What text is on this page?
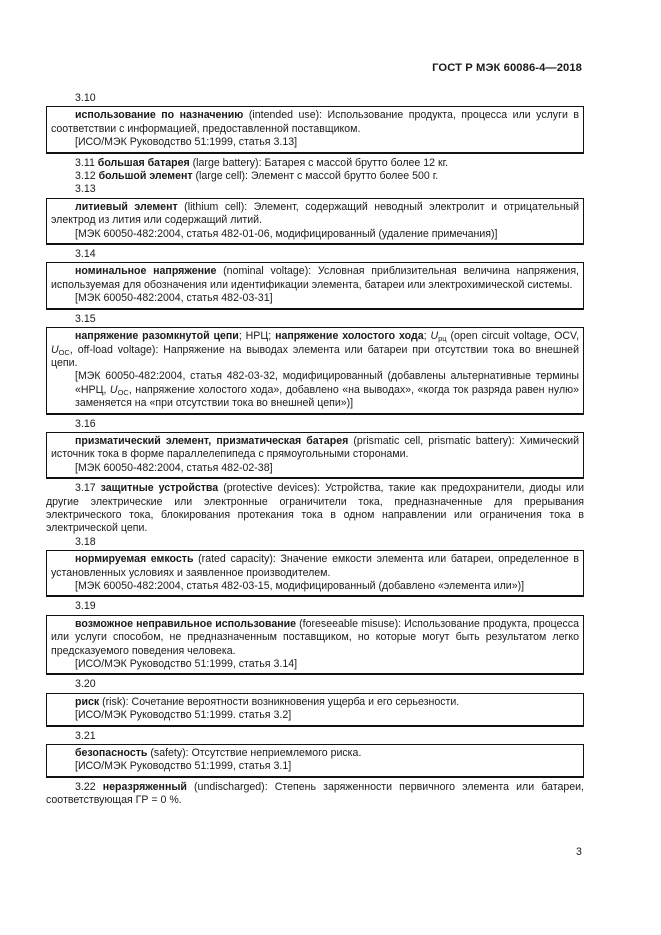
ГОСТ Р МЭК 60086-4—2018

3.10

использование по назначению (intended use): Использование продукта, процесса или услуги в соответствии с информацией, предоставленной поставщиком.

[ИСО/МЭК Руководство 51:1999, статья 3.13]

3.11 большая батарея (large battery): Батарея с массой брутто более 12 кг.

3.12 большой элемент (large cell): Элемент с массой брутто более 500 г.

3.13

литиевый элемент (lithium cell): Элемент, содержащий неводный электролит и отрицательный электрод из лития или содержащий литий.

[МЭК 60050-482:2004, статья 482-01-06, модифицированный (удаление примечания)]

3.14

номинальное напряжение (nominal voltage): Условная приблизительная величина напряжения, используемая для обозначения или идентификации элемента, батареи или электрохимической системы.

[МЭК 60050-482:2004, статья 482-03-31]

3.15

напряжение разомкнутой цепи; НРЦ; напряжение холостого хода; $U_{рц}$ (open circuit voltage, OCV, $U_{OC}$, off-load voltage): Напряжение на выводах элемента или батареи при отсутствии тока во внешней цепи.

[МЭК 60050-482:2004, статья 482-03-32, модифицированный (добавлены альтернативные термины «НРЦ, $U_{OC}$, напряжение холостого хода», добавлено «на выводах», «когда ток разряда равен нулю» заменяется на «при отсутствии тока во внешней цепи»)]

3.16

призматический элемент, призматическая батарея (prismatic cell, prismatic battery): Химический источник тока в форме параллелепипеда с прямоугольными сторонами.

[МЭК 60050-482:2004, статья 482-02-38]

3.17 защитные устройства (protective devices): Устройства, такие как предохранители, диоды или другие электрические или электронные ограничители тока, предназначенные для прерывания электрического тока, блокирования протекания тока в одном направлении или ограничения тока в электрической цепи.

3.18

нормируемая емкость (rated capacity): Значение емкости элемента или батареи, определенное в установленных условиях и заявленное производителем.

[МЭК 60050-482:2004, статья 482-03-15, модифицированный (добавлено «элемента или»)]

3.19

возможное неправильное использование (foreseeable misuse): Использование продукта, процесса или услуги способом, не предназначенным поставщиком, но которые могут быть результатом легко предсказуемого поведения человека.

[ИСО/МЭК Руководство 51:1999, статья 3.14]

3.20

риск (risk): Сочетание вероятности возникновения ущерба и его серьезности.

[ИСО/МЭК Руководство 51:1999. статья 3.2]

3.21

безопасность (safety): Отсутствие неприемлемого риска.

[ИСО/МЭК Руководство 51:1999, статья 3.1]

3.22 неразряженный (undischarged): Степень заряженности первичного элемента или батареи, соответствующая ГР = 0 %.

3
